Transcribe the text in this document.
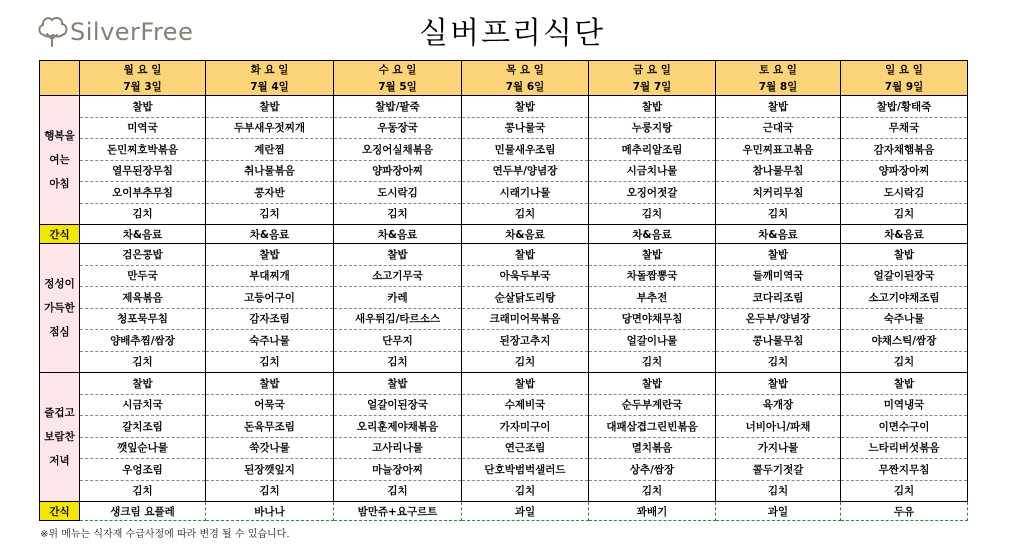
SilverFree	실버프리식단
	월 요 일	화 요 일	수 요 일	목 요 일	금 요 일	토 요 일	일 요 일
	7월 3일	7월 4일	7월 5일	7월 6일	7월 7일	7월 8일	7월 9일

행복을
여는
아침	찰밥	찰밥	찰밥/팥죽	찰밥	찰밥	찰밥	찰밥/황태죽
	미역국	두부새우젓찌개	우동장국	콩나물국	누룽지탕	근대국	무채국
	돈민찌호박볶음	계란찜	오징어실채볶음	민물새우조림	메추리알조림	우민찌표고볶음	감자채햄볶음
	열무된장무침	취나물볶음	양파장아찌	연두부/양념장	시금치나물	참나물무침	양파장아찌
	오이부추무침	콩자반	도시락김	시래기나물	오징어젓갈	치커리무침	도시락김
	김치	김치	김치	김치	김치	김치	김치
간식	차&음료	차&음료	차&음료	차&음료	차&음료	차&음료	차&음료

정성이
가득한
점심	검은콩밥	찰밥	찰밥	찰밥	찰밥	찰밥	찰밥
	만두국	부대찌개	소고기무국	아욱두부국	차돌짬뽕국	들깨미역국	얼갈이된장국
	제육볶음	고등어구이	카레	순살닭도리탕	부추전	코다리조림	소고기야채조림
	청포묵무침	감자조림	새우튀김/타르소스	크래미어묵볶음	당면야채무침	온두부/양념장	숙주나물
	양배추찜/쌈장	숙주나물	단무지	된장고추지	얼갈이나물	콩나물무침	야채스틱/쌈장
	김치	김치	김치	김치	김치	김치	김치

즐겁고
보람찬
저녁	찰밥	찰밥	찰밥	찰밥	찰밥	찰밥	찰밥
	시금치국	어묵국	얼갈이된장국	수제비국	순두부계란국	육개장	미역냉국
	갈치조림	돈육무조림	오리훈제야채볶음	가자미구이	대패삼겹그린빈볶음	너비아니/파채	이면수구이
	깻잎순나물	쑥갓나물	고사리나물	연근조림	멸치볶음	가지나물	느타리버섯볶음
	우엉조림	된장깻잎지	마늘장아찌	단호박범벅샐러드	상추/쌈장	콜두기젓갈	무짠지무침
	김치	김치	김치	김치	김치	김치	김치
간식	생크림 요플레	바나나	밤만쥬+요구르트	과일	꽈배기	과일	두유
※위 메뉴는 식자재 수급사정에 따라 변경 될 수 있습니다.
